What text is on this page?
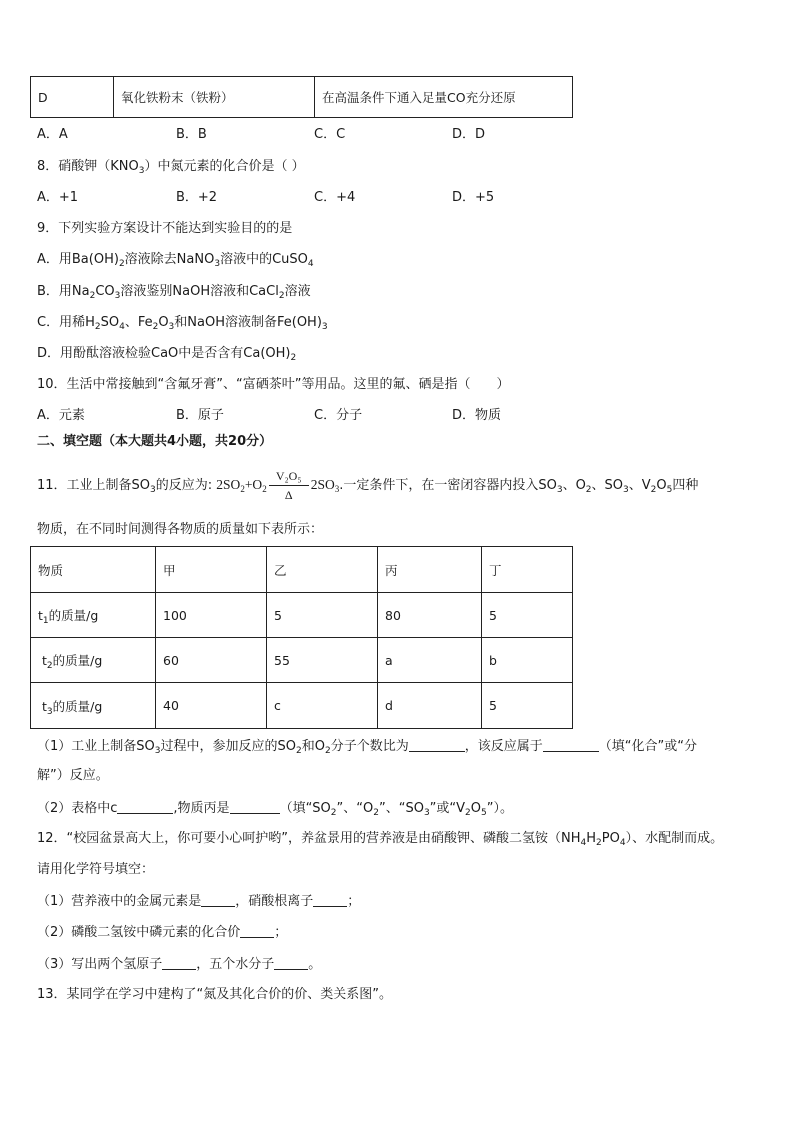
D	氧化铁粉末（铁粉）	在高温条件下通入足量CO充分还原
A．A	B．B	C．C	D．D
8．硝酸钾$(KNO_3)$中氮元素的化合价是（ ）
A．+1	B．+2	C．+4	D．+5
9．下列实验方案设计不能达到实验目的的是
A．用$Ba(OH)_2$溶液除去NaNO$_3$溶液中的CuSO$_4$
B．用$Na_2CO_3$溶液鉴别NaOH溶液和CaCl$_2$溶液
C．用稀$H_2SO_4$、$Fe_2O_3$和NaOH溶液制备$Fe(OH)_3$
D．用酚酞溶液检验CaO中是否含有$Ca(OH)_2$
10．生活中常接触到“含氟牙膏”、“富硒茶叶”等用品。这里的氟、硒是指（　　）
A．元素	B．原子	C．分子	D．物质
二、填空题（本大题共4小题，共20分）
11．工业上制备$SO_3$的反应为: $2SO_2+O_2 \frac{\text{V₂O₅}}{\Delta} 2SO_3$.一定条件下，在一密闭容器内投入$SO_3$、$O_2$、$SO_3$、$V_2O_5$四种
物质，在不同时间测得各物质的质量如下表所示：
物质	甲	乙	丙	丁
$t_1$的质量/g	100	5	80	5
$t_2$的质量/g	60	55	a	b
$t_3$的质量/g	40	c	d	5
（1）工业上制备$SO_3$过程中，参加反应的$SO_2$和$O_2$分子个数比为	，该反应属于	（填“化合”或“分
解”）反应。
（2）表格中c	,物质丙是	（填“$SO_2$”、“$O_2$”、“$SO_3$”或“$V_2O_5$”）。
12．“校园盆景高大上，你可要小心呵护哟”，养盆景用的营养液是由硝酸钾、磷酸二氢铵$(NH_4H_2PO_4)$、水配制而成。
请用化学符号填空：
（1）营养液中的金属元素是	，硝酸根离子	；
（2）磷酸二氢铵中磷元素的化合价	；
（3）写出两个氢原子	，五个水分子	。
13．某同学在学习中建构了“氮及其化合价的价、类关系图”。
